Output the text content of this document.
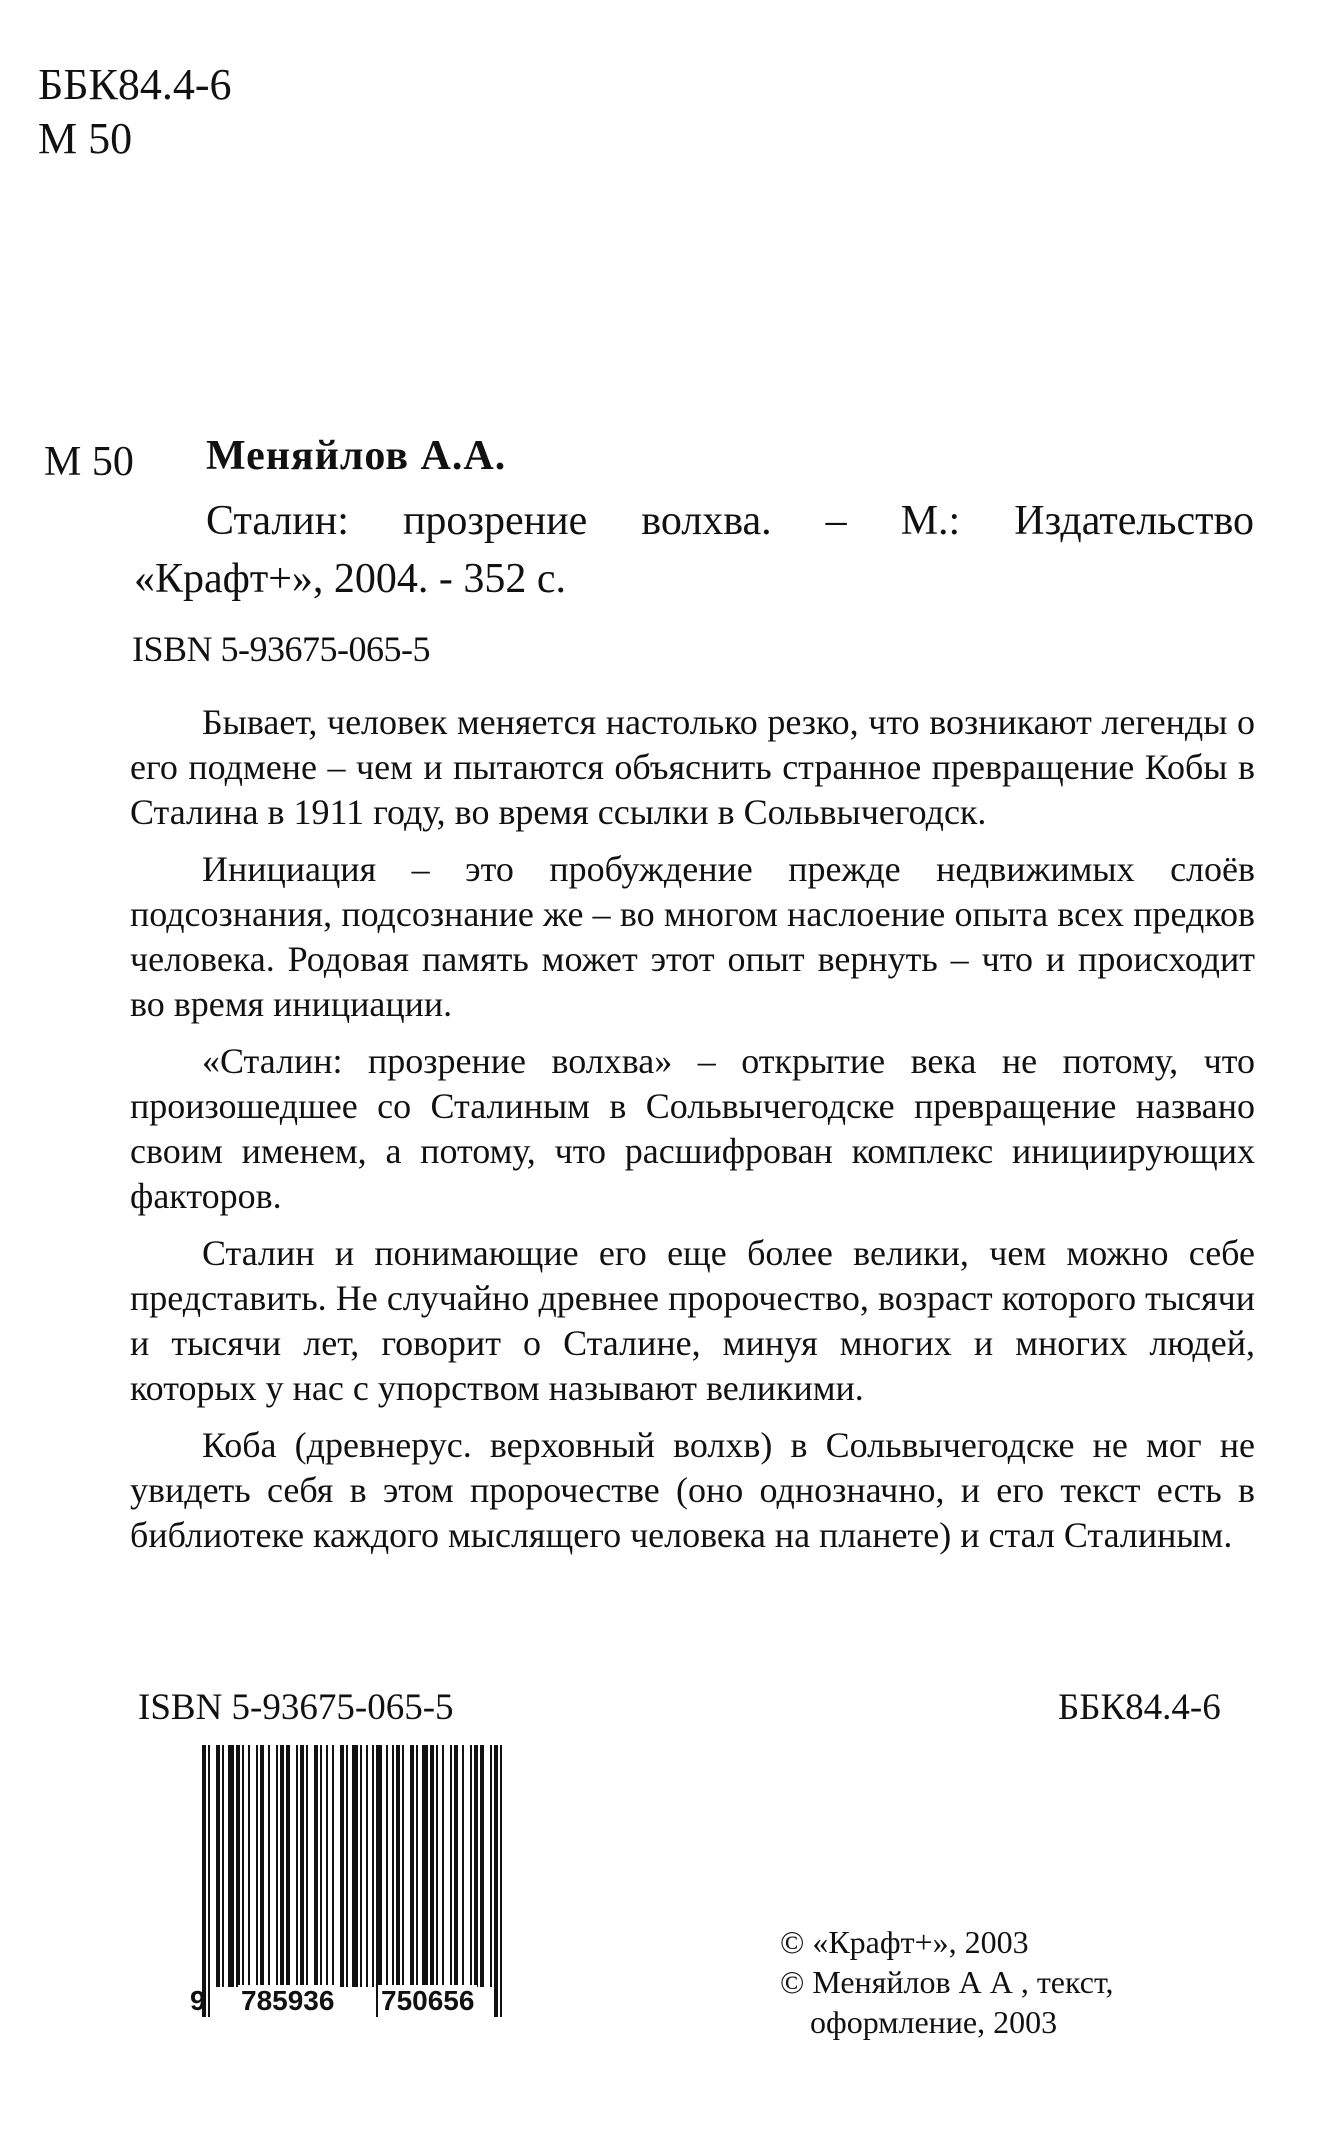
ББК84.4-6
М 50
М 50 Меняйлов А.А.
Сталин: прозрение волхва. – М.: Издательство
«Крафт+», 2004. - 352 с.
ISBN 5-93675-065-5

Бывает, человек меняется настолько резко, что возникают легенды о его подмене – чем и пытаются объяснить странное превращение Кобы в Сталина в 1911 году, во время ссылки в Сольвычегодск.

Инициация – это пробуждение прежде недвижимых слоёв подсознания, подсознание же – во многом наслоение опыта всех предков человека. Родовая память может этот опыт вернуть – что и происходит во время инициации.

«Сталин: прозрение волхва» – открытие века не потому, что произошедшее со Сталиным в Сольвычегодске превращение названо своим именем, а потому, что расшифрован комплекс инициирующих факторов.

Сталин и понимающие его еще более велики, чем можно себе представить. Не случайно древнее пророчество, возраст которого тысячи и тысячи лет, говорит о Сталине, минуя многих и многих людей, которых у нас с упорством называют великими.

Коба (древнерус. верховный волхв) в Сольвычегодске не мог не увидеть себя в этом пророчестве (оно однозначно, и его текст есть в библиотеке каждого мыслящего человека на планете) и стал Сталиным.

ISBN 5-93675-065-5	ББК84.4-6
9 785936 750656
© «Крафт+», 2003
© Меняйлов А А , текст,
оформление, 2003
